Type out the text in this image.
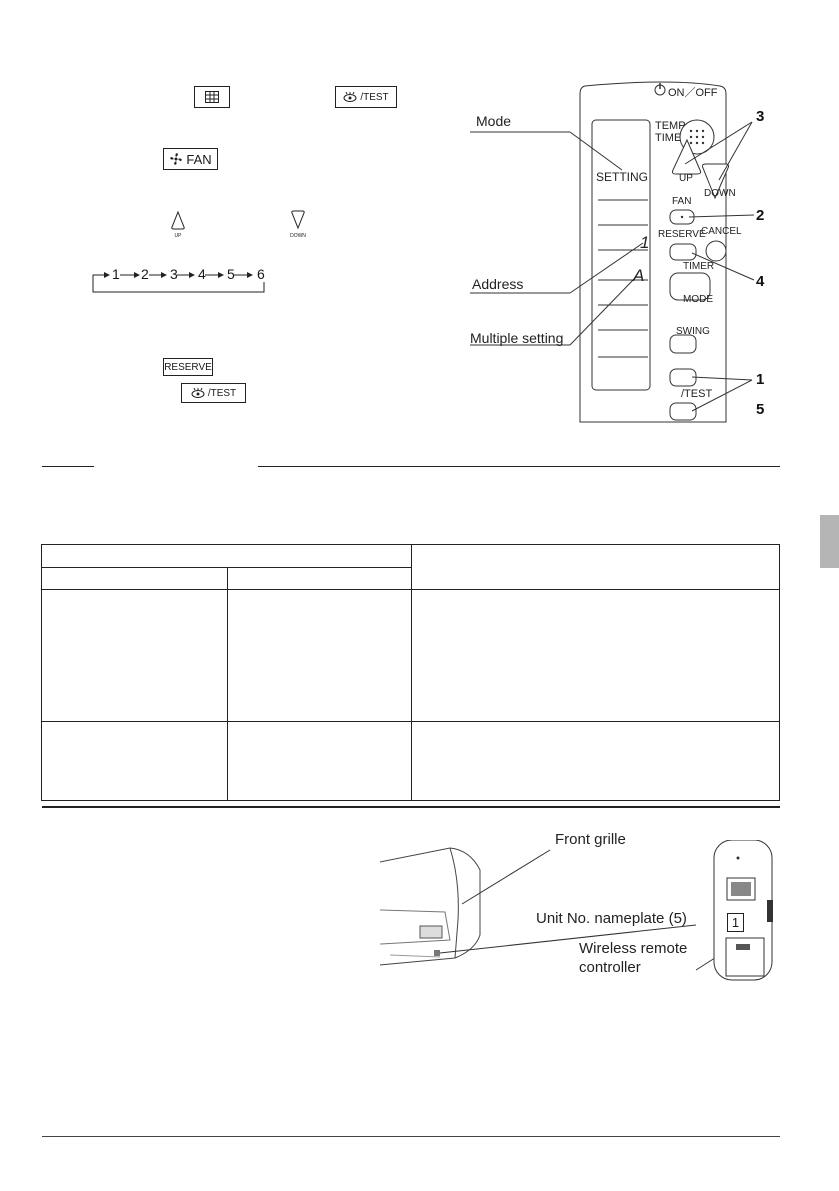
/TEST
FAN
UP	DOWN
1 2 3 4 5 6
RESERVE
/TEST
ON／OFF
TEMP
TIME
UP
DOWN
FAN
RESERVE
CANCEL
TIMER
MODE
SWING
/TEST
SETTING
1
A
Mode
Address
Multiple setting
3
2
4
1
5

1
Front grille
Unit No. nameplate (5)
Wireless remote
controller
